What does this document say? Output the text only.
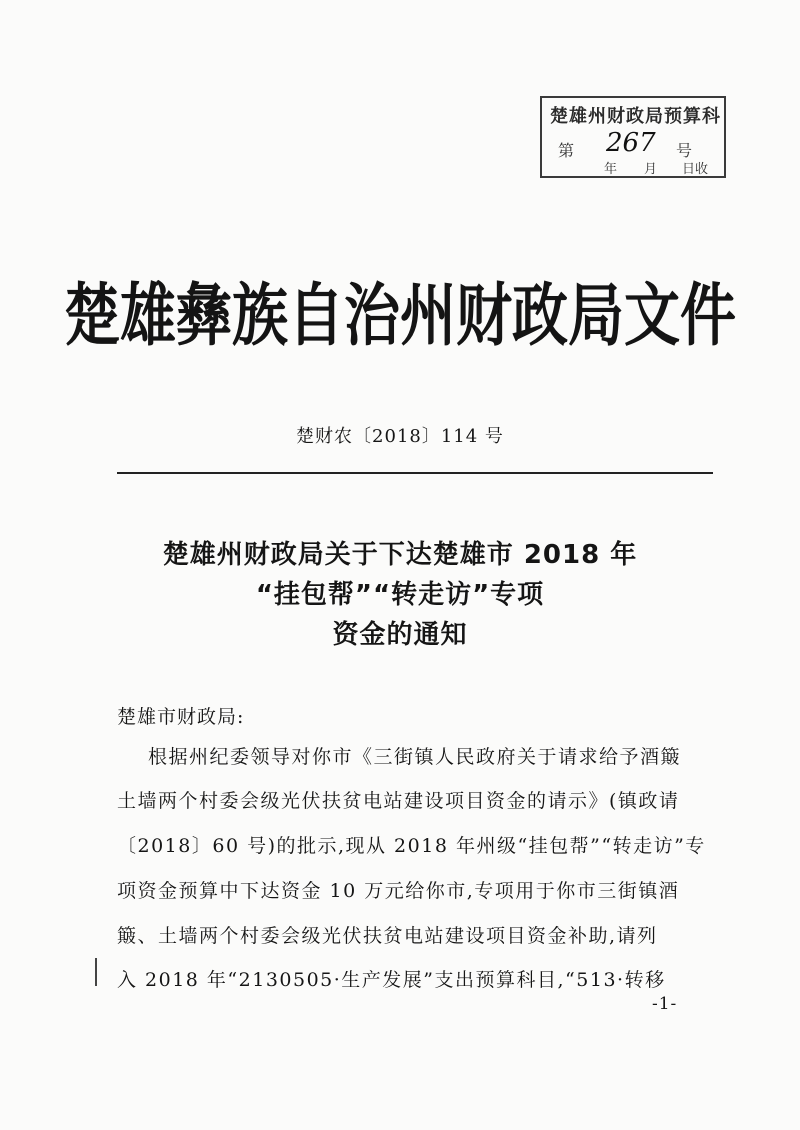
楚雄州财政局预算科
第 267 号
年 月 日收
楚雄彝族自治州财政局文件
楚财农〔2018〕114 号
楚雄州财政局关于下达楚雄市 2018 年
“挂包帮”“转走访”专项
资金的通知
楚雄市财政局:
根据州纪委领导对你市《三街镇人民政府关于请求给予酒簸
土墙两个村委会级光伏扶贫电站建设项目资金的请示》(镇政请
〔2018〕60 号)的批示,现从 2018 年州级“挂包帮”“转走访”专
项资金预算中下达资金 10 万元给你市,专项用于你市三街镇酒
簸、土墙两个村委会级光伏扶贫电站建设项目资金补助,请列
入 2018 年“2130505·生产发展”支出预算科目,“513·转移
-1-
